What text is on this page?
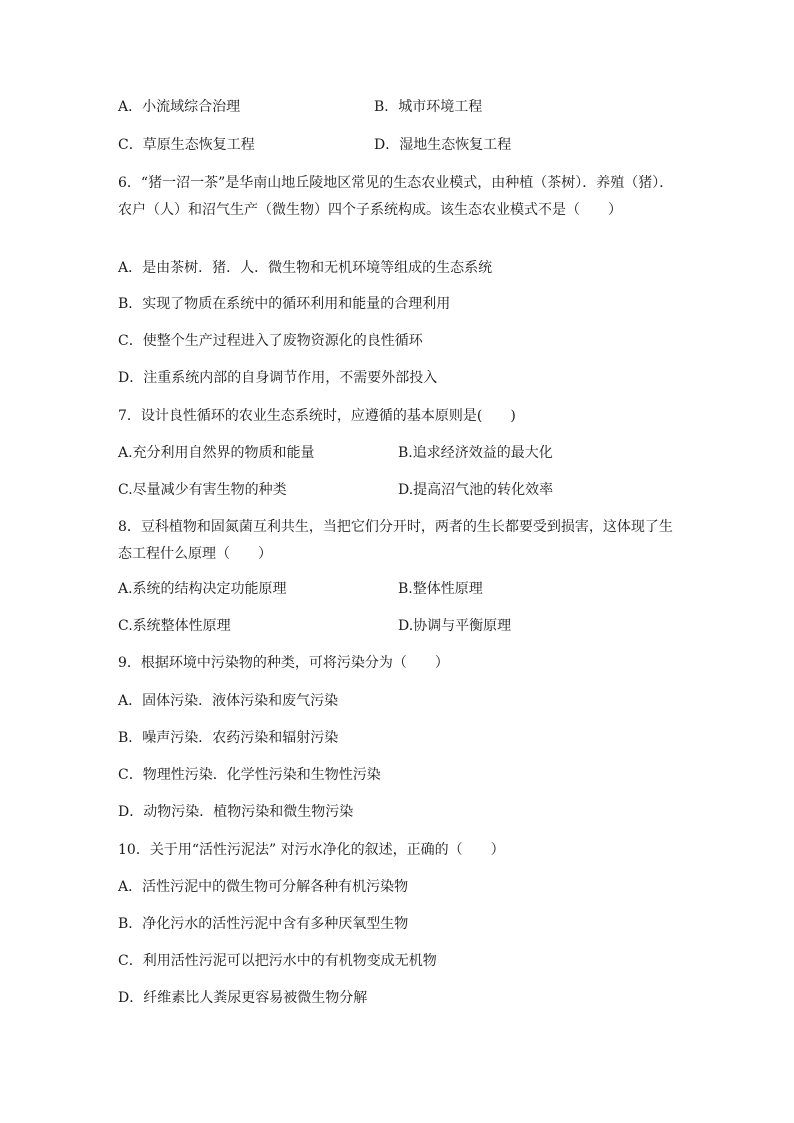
A．小流域综合治理	B．城市环境工程
C．草原生态恢复工程	D．湿地生态恢复工程
6．“猪一沼一茶”是华南山地丘陵地区常见的生态农业模式，由种植（茶树）．养殖（猪）． 农户（人）和沼气生产（微生物）四个子系统构成。该生态农业模式不是（　　）
A．是由茶树．猪．人．微生物和无机环境等组成的生态系统
B．实现了物质在系统中的循环利用和能量的合理利用
C．使整个生产过程进入了废物资源化的良性循环
D．注重系统内部的自身调节作用，不需要外部投入
7．设计良性循环的农业生态系统时，应遵循的基本原则是(　　)
A.充分利用自然界的物质和能量	B.追求经济效益的最大化
C.尽量减少有害生物的种类	D.提高沼气池的转化效率
8．豆科植物和固氮菌互利共生，当把它们分开时，两者的生长都要受到损害，这体现了生态工程什么原理（　　）
A.系统的结构决定功能原理	B.整体性原理
C.系统整体性原理	D.协调与平衡原理
9．根据环境中污染物的种类，可将污染分为（　　）
A．固体污染．液体污染和废气污染
B．噪声污染．农药污染和辐射污染
C．物理性污染．化学性污染和生物性污染
D．动物污染．植物污染和微生物污染
10．关于用“活性污泥法” 对污水净化的叙述，正确的（　　）
A．活性污泥中的微生物可分解各种有机污染物
B．净化污水的活性污泥中含有多种厌氧型生物
C．利用活性污泥可以把污水中的有机物变成无机物
D．纤维素比人粪尿更容易被微生物分解
